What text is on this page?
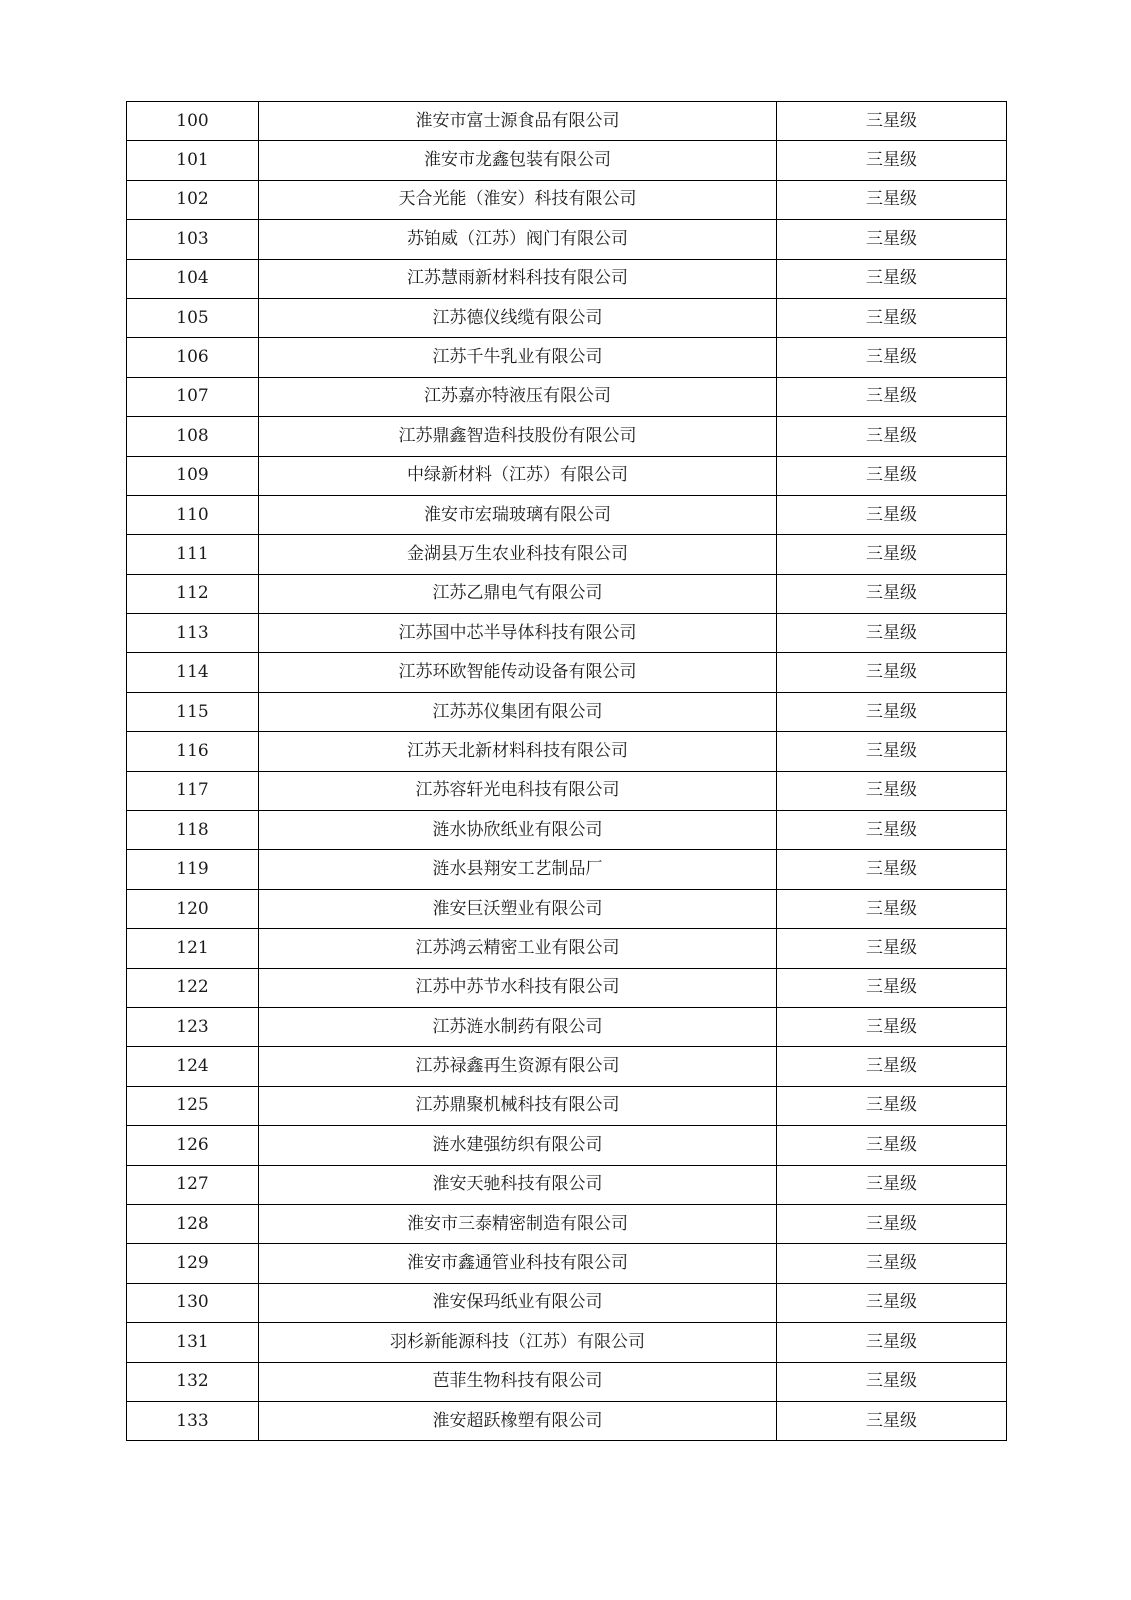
100	淮安市富士源食品有限公司	三星级
101	淮安市龙鑫包装有限公司	三星级
102	天合光能（淮安）科技有限公司	三星级
103	苏铂威（江苏）阀门有限公司	三星级
104	江苏慧雨新材料科技有限公司	三星级
105	江苏德仪线缆有限公司	三星级
106	江苏千牛乳业有限公司	三星级
107	江苏嘉亦特液压有限公司	三星级
108	江苏鼎鑫智造科技股份有限公司	三星级
109	中绿新材料（江苏）有限公司	三星级
110	淮安市宏瑞玻璃有限公司	三星级
111	金湖县万生农业科技有限公司	三星级
112	江苏乙鼎电气有限公司	三星级
113	江苏国中芯半导体科技有限公司	三星级
114	江苏环欧智能传动设备有限公司	三星级
115	江苏苏仪集团有限公司	三星级
116	江苏天北新材料科技有限公司	三星级
117	江苏容轩光电科技有限公司	三星级
118	涟水协欣纸业有限公司	三星级
119	涟水县翔安工艺制品厂	三星级
120	淮安巨沃塑业有限公司	三星级
121	江苏鸿云精密工业有限公司	三星级
122	江苏中苏节水科技有限公司	三星级
123	江苏涟水制药有限公司	三星级
124	江苏禄鑫再生资源有限公司	三星级
125	江苏鼎聚机械科技有限公司	三星级
126	涟水建强纺织有限公司	三星级
127	淮安天驰科技有限公司	三星级
128	淮安市三泰精密制造有限公司	三星级
129	淮安市鑫通管业科技有限公司	三星级
130	淮安保玛纸业有限公司	三星级
131	羽杉新能源科技（江苏）有限公司	三星级
132	芭菲生物科技有限公司	三星级
133	淮安超跃橡塑有限公司	三星级
